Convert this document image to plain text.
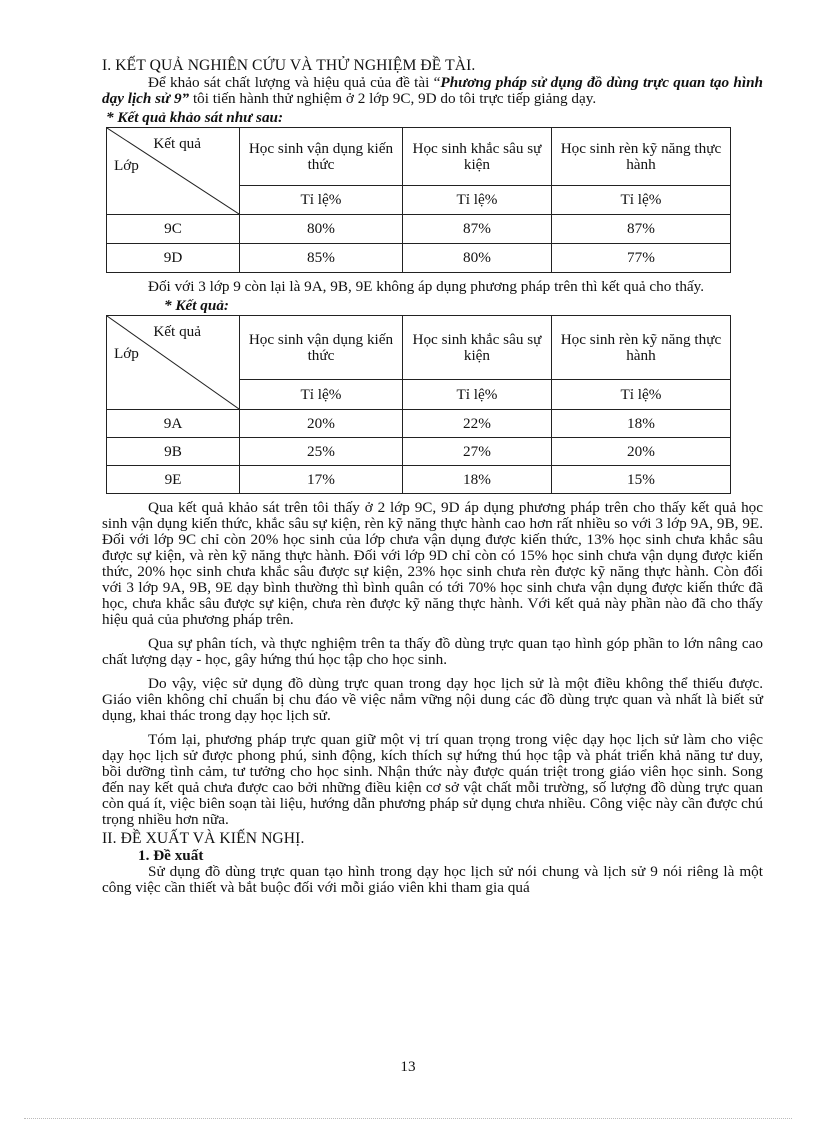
I. KẾT QUẢ NGHIÊN CỨU VÀ THỬ NGHIỆM ĐỀ TÀI.

Để khảo sát chất lượng và hiệu quả của đề tài “Phương pháp sử dụng đồ dùng trực quan tạo hình dạy lịch sử 9” tôi tiến hành thử nghiệm ở 2 lớp 9C, 9D do tôi trực tiếp giảng dạy.

* Kết quả khảo sát như sau:
Kết quả
Lớp	Học sinh vận dụng kiến thức	Học sinh khắc sâu sự kiện	Học sinh rèn kỹ năng thực hành
	Tỉ lệ%	Tỉ lệ%	Tỉ lệ%
9C	80%	87%	87%
9D	85%	80%	77%

Đối với 3 lớp 9 còn lại là 9A, 9B, 9E không áp dụng phương pháp trên thì kết quả cho thấy.

* Kết quả:
Kết quả
Lớp	Học sinh vận dụng kiến thức	Học sinh khắc sâu sự kiện	Học sinh rèn kỹ năng thực hành
	Tỉ lệ%	Tỉ lệ%	Tỉ lệ%
9A	20%	22%	18%
9B	25%	27%	20%
9E	17%	18%	15%

Qua kết quả khảo sát trên tôi thấy ở 2 lớp 9C, 9D áp dụng phương pháp trên cho thấy kết quả học sinh vận dụng kiến thức, khắc sâu sự kiện, rèn kỹ năng thực hành cao hơn rất nhiều so với 3 lớp 9A, 9B, 9E. Đối với lớp 9C chỉ còn 20% học sinh của lớp chưa vận dụng được kiến thức, 13% học sinh chưa khắc sâu được sự kiện, và rèn kỹ năng thực hành. Đối với lớp 9D chỉ còn có 15% học sinh chưa vận dụng được kiến thức, 20% học sinh chưa khắc sâu được sự kiện, 23% học sinh chưa rèn được kỹ năng thực hành. Còn đối với 3 lớp 9A, 9B, 9E dạy bình thường thì bình quân có tới 70% học sinh chưa vận dụng được kiến thức đã học, chưa khắc sâu được sự kiện, chưa rèn được kỹ năng thực hành. Với kết quả này phần nào đã cho thấy hiệu quả của phương pháp trên.

Qua sự phân tích, và thực nghiệm trên ta thấy đồ dùng trực quan tạo hình góp phần to lớn nâng cao chất lượng dạy - học, gây hứng thú học tập cho học sinh.

Do vậy, việc sử dụng đồ dùng trực quan trong dạy học lịch sử là một điều không thể thiếu được. Giáo viên không chỉ chuẩn bị chu đáo về việc nắm vững nội dung các đồ dùng trực quan và nhất là biết sử dụng, khai thác trong dạy học lịch sử.

Tóm lại, phương pháp trực quan giữ một vị trí quan trọng trong việc dạy học lịch sử làm cho việc dạy học lịch sử được phong phú, sinh động, kích thích sự hứng thú học tập và phát triển khả năng tư duy, bồi dưỡng tình cảm, tư tưởng cho học sinh. Nhận thức này được quán triệt trong giáo viên học sinh. Song đến nay kết quả chưa được cao bởi những điều kiện cơ sở vật chất mỗi trường, số lượng đồ dùng trực quan còn quá ít, việc biên soạn tài liệu, hướng dẫn phương pháp sử dụng chưa nhiều. Công việc này cần được chú trọng nhiều hơn nữa.

II. ĐỀ XUẤT VÀ KIẾN NGHỊ.
1. Đề xuất

Sử dụng đồ dùng trực quan tạo hình trong dạy học lịch sử nói chung và lịch sử 9 nói riêng là một công việc cần thiết và bắt buộc đối với mỗi giáo viên khi tham gia quá

13
